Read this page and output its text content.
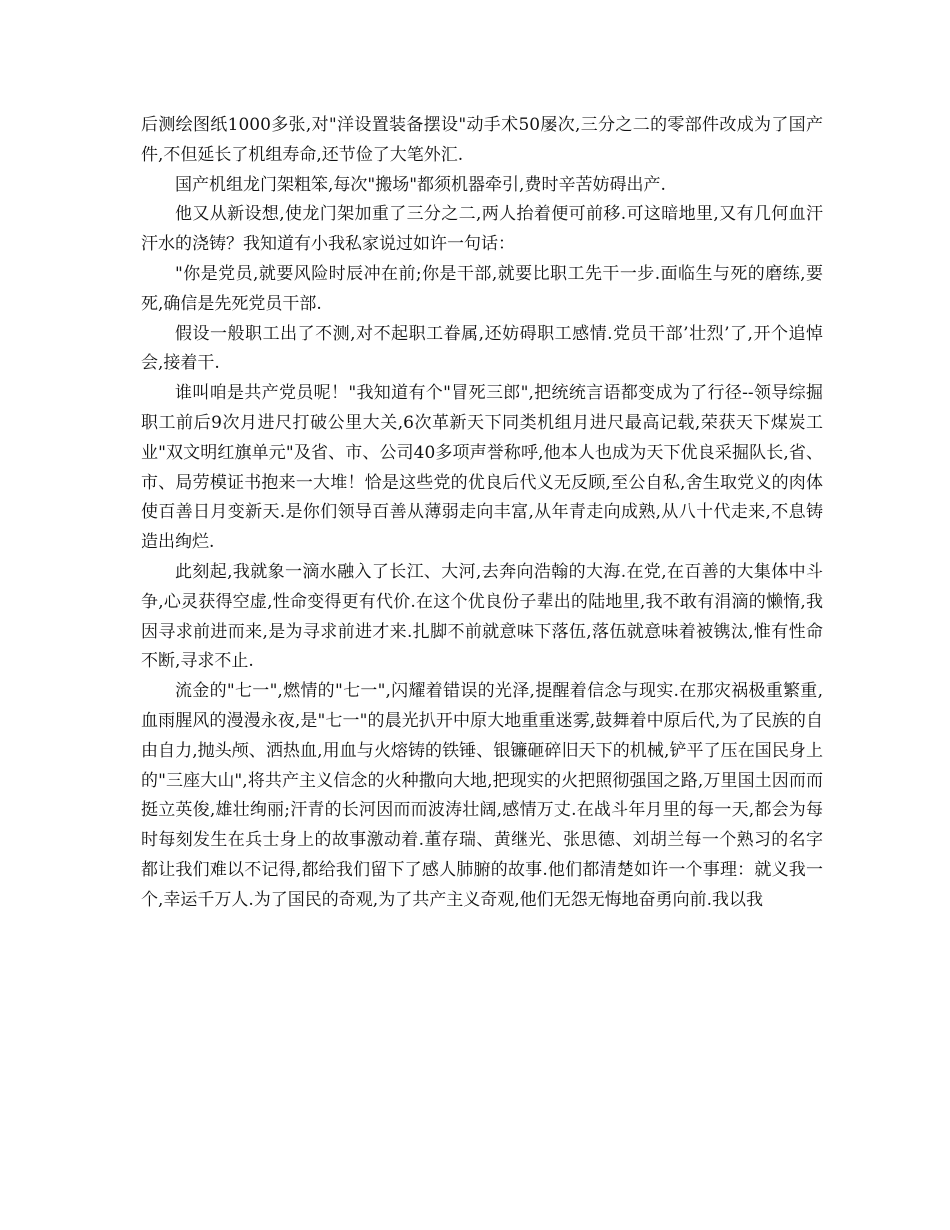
后测绘图纸1000多张,对"洋设置装备摆设"动手术50屡次,三分之二的零部件改成为了国产件,不但延长了机组寿命,还节俭了大笔外汇.

国产机组龙门架粗笨,每次"搬场"都须机器牵引,费时辛苦妨碍出产.

他又从新设想,使龙门架加重了三分之二,两人抬着便可前移.可这暗地里,又有几何血汗汗水的浇铸？我知道有小我私家说过如许一句话：

"你是党员,就要风险时辰冲在前;你是干部,就要比职工先干一步.面临生与死的磨练,要死,确信是先死党员干部.

假设一般职工出了不测,对不起职工眷属,还妨碍职工感情.党员干部’壮烈’了,开个追悼会,接着干.

谁叫咱是共产党员呢！"我知道有个"冒死三郎",把统统言语都变成为了行径--领导综掘职工前后9次月进尺打破公里大关,6次革新天下同类机组月进尺最高记载,荣获天下煤炭工业"双文明红旗单元"及省、市、公司40多项声誉称呼,他本人也成为天下优良采掘队长,省、市、局劳模证书抱来一大堆！恰是这些党的优良后代义无反顾,至公自私,舍生取党义的肉体使百善日月变新天.是你们领导百善从薄弱走向丰富,从年青走向成熟,从八十代走来,不息铸造出绚烂.

此刻起,我就象一滴水融入了长江、大河,去奔向浩翰的大海.在党,在百善的大集体中斗争,心灵获得空虚,性命变得更有代价.在这个优良份子辈出的陆地里,我不敢有涓滴的懒惰,我因寻求前进而来,是为寻求前进才来.扎脚不前就意味下落伍,落伍就意味着被镌汰,惟有性命不断,寻求不止.

流金的"七一",燃情的"七一",闪耀着错误的光泽,提醒着信念与现实.在那灾祸极重繁重,血雨腥风的漫漫永夜,是"七一"的晨光扒开中原大地重重迷雾,鼓舞着中原后代,为了民族的自由自力,抛头颅、洒热血,用血与火熔铸的铁锤、银镰砸碎旧天下的机械,铲平了压在国民身上的"三座大山",将共产主义信念的火种撒向大地,把现实的火把照彻强国之路,万里国土因而而挺立英俊,雄壮绚丽;汗青的长河因而而波涛壮阔,感情万丈.在战斗年月里的每一天,都会为每时每刻发生在兵士身上的故事激动着.董存瑞、黄继光、张思德、刘胡兰每一个熟习的名字都让我们难以不记得,都给我们留下了感人肺腑的故事.他们都清楚如许一个事理：就义我一个,幸运千万人.为了国民的奇观,为了共产主义奇观,他们无怨无悔地奋勇向前.我以我
